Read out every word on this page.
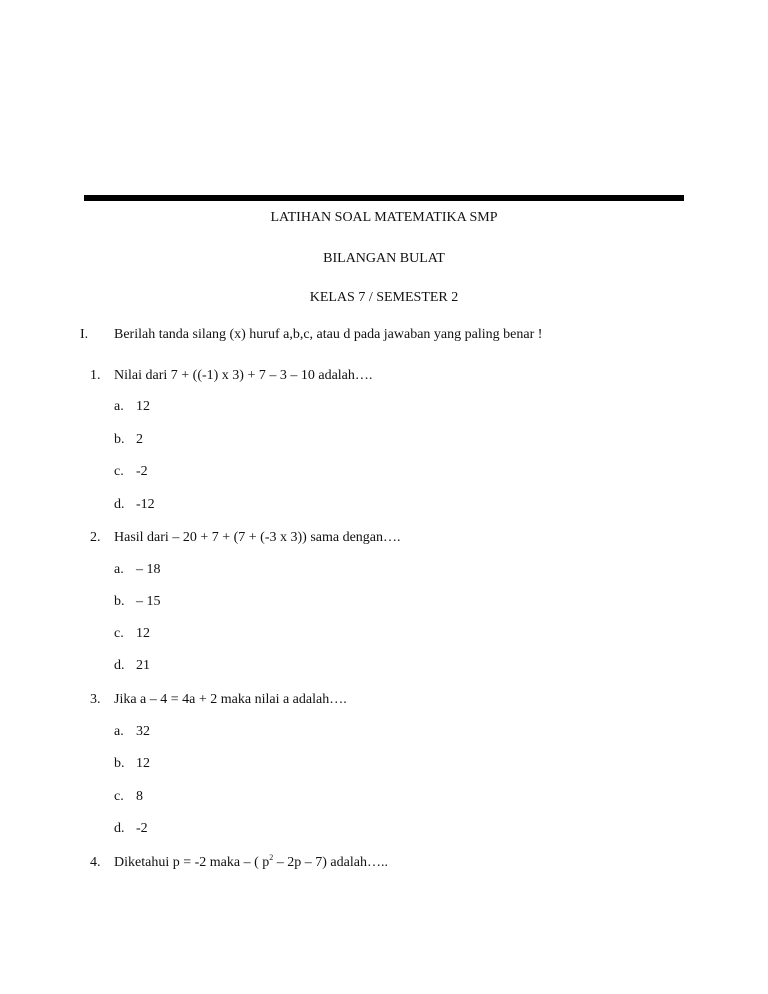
LATIHAN SOAL MATEMATIKA SMP
BILANGAN BULAT
KELAS 7 / SEMESTER 2
I. Berilah tanda silang (x) huruf a,b,c, atau d pada jawaban yang paling benar !
1. Nilai dari 7 + ((-1) x 3) + 7 – 3 – 10 adalah….
a. 12
b. 2
c. -2
d. -12
2. Hasil dari – 20 + 7 + (7 + (-3 x 3)) sama dengan….
a. – 18
b. – 15
c. 12
d. 21
3. Jika a – 4 = 4a + 2 maka nilai a adalah….
a. 32
b. 12
c. 8
d. -2
4. Diketahui p = -2 maka – ( $p^2 - 2p - 7$) adalah…..
